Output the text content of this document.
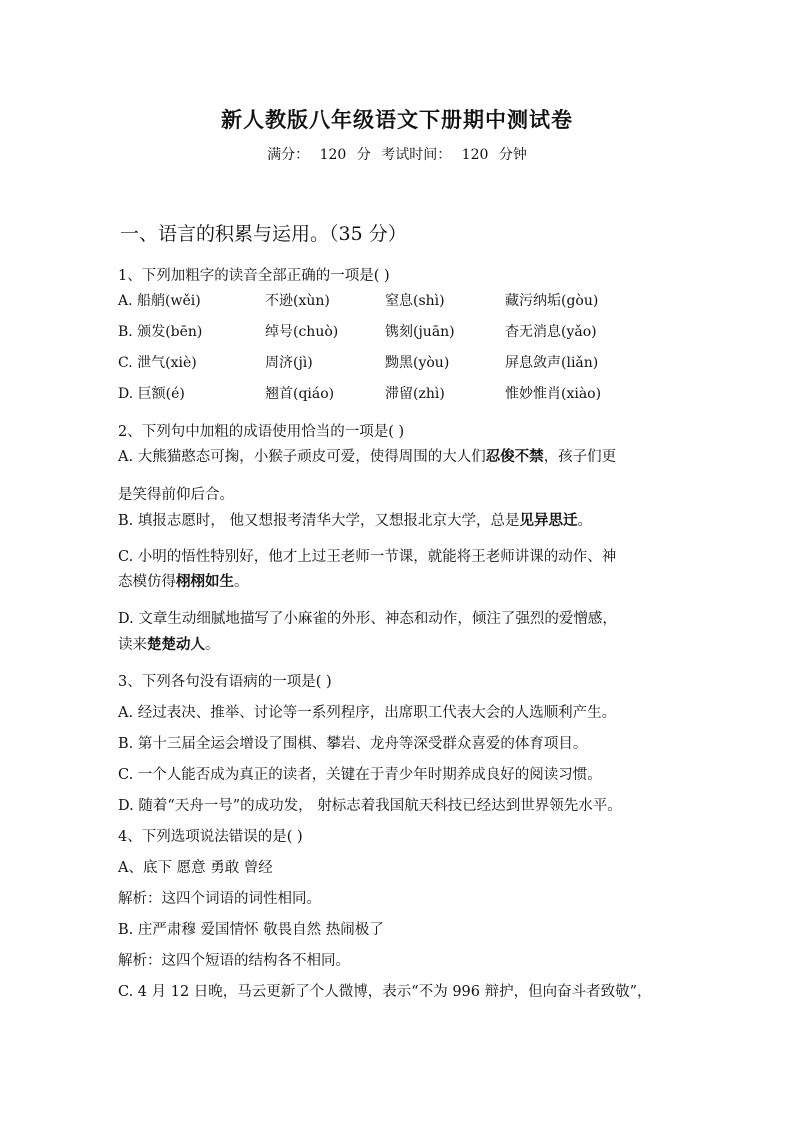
新人教版八年级语文下册期中测试卷
满分： 120 分 考试时间： 120 分钟
一、语言的积累与运用。（35 分）
1、下列加粗字的读音全部正确的一项是( )
A. 船艄(wěi)	不逊(xùn)	窒息(shì)	藏污纳垢(gòu)
B. 颁发(bēn)	绰号(chuò)	镌刻(juān)	杳无消息(yǎo)
C. 泄气(xiè)	周济(jì)	黝黑(yòu)	屏息敛声(liǎn)
D. 巨额(é)	翘首(qiáo)	滞留(zhì)	惟妙惟肖(xiào)
2、下列句中加粗的成语使用恰当的一项是( )
A. 大熊猫憨态可掬，小猴子顽皮可爱，使得周围的大人们忍俊不禁，孩子们更
是笑得前仰后合。
B. 填报志愿时， 他又想报考清华大学，又想报北京大学，总是见异思迁。
C. 小明的悟性特别好，他才上过王老师一节课，就能将王老师讲课的动作、神
态模仿得栩栩如生。
D. 文章生动细腻地描写了小麻雀的外形、神态和动作，倾注了强烈的爱憎感，
读来楚楚动人。
3、下列各句没有语病的一项是( )
A. 经过表决、推举、讨论等一系列程序，出席职工代表大会的人选顺利产生。
B. 第十三届全运会增设了围棋、攀岩、龙舟等深受群众喜爱的体育项目。
C. 一个人能否成为真正的读者，关键在于青少年时期养成良好的阅读习惯。
D. 随着“天舟一号”的成功发， 射标志着我国航天科技已经达到世界领先水平。
4、下列选项说法错误的是( )
A、底下 愿意 勇敢 曾经
解析：这四个词语的词性相同。
B. 庄严肃穆 爱国情怀 敬畏自然 热闹极了
解析：这四个短语的结构各不相同。
C. 4 月 12 日晚，马云更新了个人微博，表示“不为 996 辩护，但向奋斗者致敬”，
